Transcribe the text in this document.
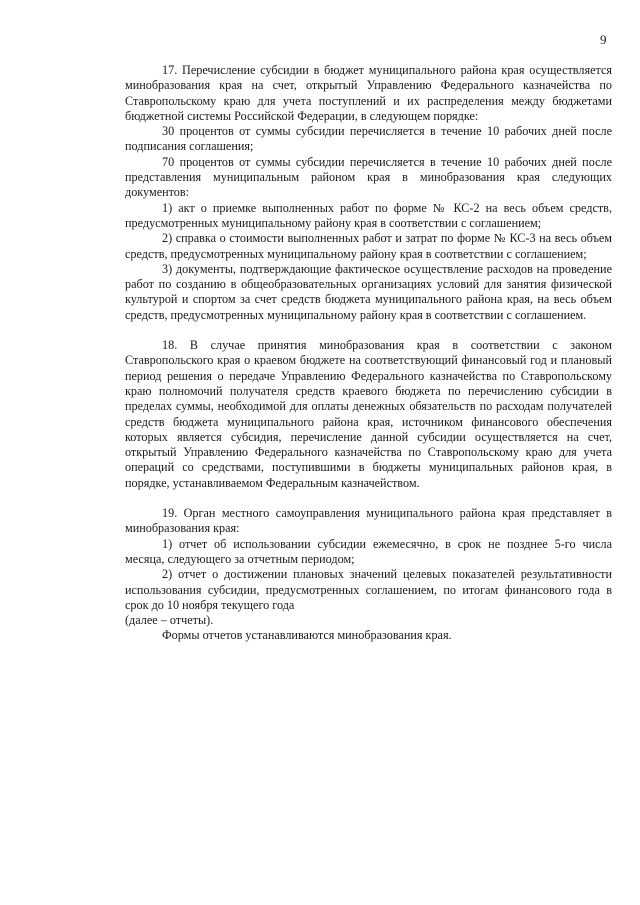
9

17. Перечисление субсидии в бюджет муниципального района края осуществляется минобразования края на счет, открытый Управлению Федерального казначейства по Ставропольскому краю для учета поступлений и их распределения между бюджетами бюджетной системы Российской Федерации, в следующем порядке:

30 процентов от суммы субсидии перечисляется в течение 10 рабочих дней после подписания соглашения;

70 процентов от суммы субсидии перечисляется в течение 10 рабочих дней после представления муниципальным районом края в минобразования края следующих документов:

1) акт о приемке выполненных работ по форме № КС-2 на весь объем средств, предусмотренных муниципальному району края в соответствии с соглашением;

2) справка о стоимости выполненных работ и затрат по форме № КС-3 на весь объем средств, предусмотренных муниципальному району края в соответствии с соглашением;

3) документы, подтверждающие фактическое осуществление расходов на проведение работ по созданию в общеобразовательных организациях условий для занятия физической культурой и спортом за счет средств бюджета муниципального района края, на весь объем средств, предусмотренных муниципальному району края в соответствии с соглашением.

18. В случае принятия минобразования края в соответствии с законом Ставропольского края о краевом бюджете на соответствующий финансовый год и плановый период решения о передаче Управлению Федерального казначейства по Ставропольскому краю полномочий получателя средств краевого бюджета по перечислению субсидии в пределах суммы, необходимой для оплаты денежных обязательств по расходам получателей средств бюджета муниципального района края, источником финансового обеспечения которых является субсидия, перечисление данной субсидии осуществляется на счет, открытый Управлению Федерального казначейства по Ставропольскому краю для учета операций со средствами, поступившими в бюджеты муниципальных районов края, в порядке, устанавливаемом Федеральным казначейством.

19. Орган местного самоуправления муниципального района края представляет в минобразования края:

1) отчет об использовании субсидии ежемесячно, в срок не позднее 5-го числа месяца, следующего за отчетным периодом;

2) отчет о достижении плановых значений целевых показателей результативности использования субсидии, предусмотренных соглашением, по итогам финансового года в срок до 10 ноября текущего года

(далее – отчеты).

Формы отчетов устанавливаются минобразования края.
